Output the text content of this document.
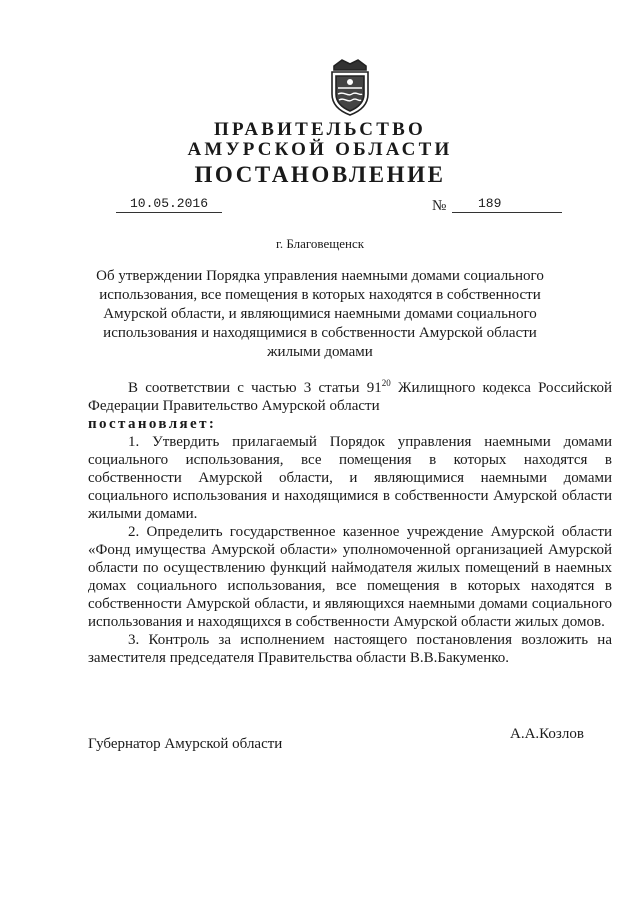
ПРАВИТЕЛЬСТВО
АМУРСКОЙ ОБЛАСТИ
ПОСТАНОВЛЕНИЕ
10.05.2016	№	189
г. Благовещенск
Об утверждении Порядка управления наемными домами социального использования, все помещения в которых находятся в собственности Амурской области, и являющимися наемными домами социального использования и находящимися в собственности Амурской области жилыми домами

В соответствии с частью 3 статьи $91^{20}$ Жилищного кодекса Российской Федерации Правительство Амурской области

постановляет:

1. Утвердить прилагаемый Порядок управления наемными домами социального использования, все помещения в которых находятся в собственности Амурской области, и являющимися наемными домами социального использования и находящимися в собственности Амурской области жилыми домами.

2. Определить государственное казенное учреждение Амурской области «Фонд имущества Амурской области» уполномоченной организацией Амурской области по осуществлению функций наймодателя жилых помещений в наемных домах социального использования, все помещения в которых находятся в собственности Амурской области, и являющихся наемными домами социального использования и находящихся в собственности Амурской области жилых домов.

3. Контроль за исполнением настоящего постановления возложить на заместителя председателя Правительства области В.В.Бакуменко.

Губернатор Амурской области
А.А.Козлов
